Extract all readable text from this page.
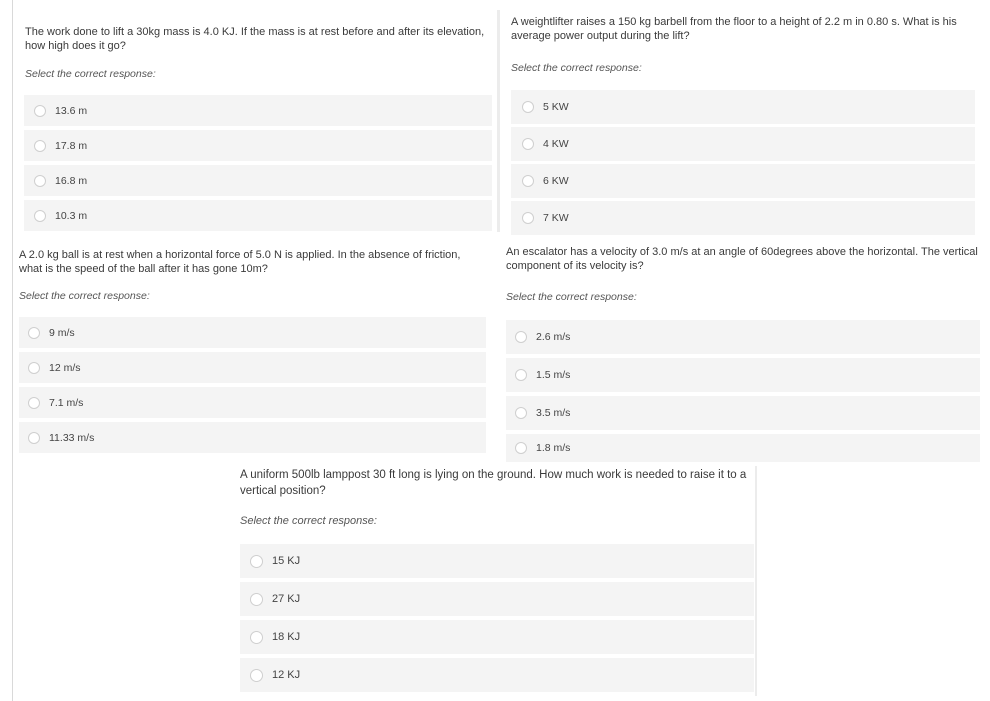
The work done to lift a 30kg mass is 4.0 KJ. If the mass is at rest before and after its elevation, how high does it go?
Select the correct response:
13.6 m
17.8 m
16.8 m
10.3 m
A weightlifter raises a 150 kg barbell from the floor to a height of 2.2 m in 0.80 s. What is his average power output during the lift?
Select the correct response:
5 KW
4 KW
6 KW
7 KW
A 2.0 kg ball is at rest when a horizontal force of 5.0 N is applied. In the absence of friction, what is the speed of the ball after it has gone 10m?
Select the correct response:
9 m/s
12 m/s
7.1 m/s
11.33 m/s
An escalator has a velocity of 3.0 m/s at an angle of 60degrees above the horizontal. The vertical component of its velocity is?
Select the correct response:
2.6 m/s
1.5 m/s
3.5 m/s
1.8 m/s
A uniform 500lb lamppost 30 ft long is lying on the ground. How much work is needed to raise it to a vertical position?
Select the correct response:
15 KJ
27 KJ
18 KJ
12 KJ
